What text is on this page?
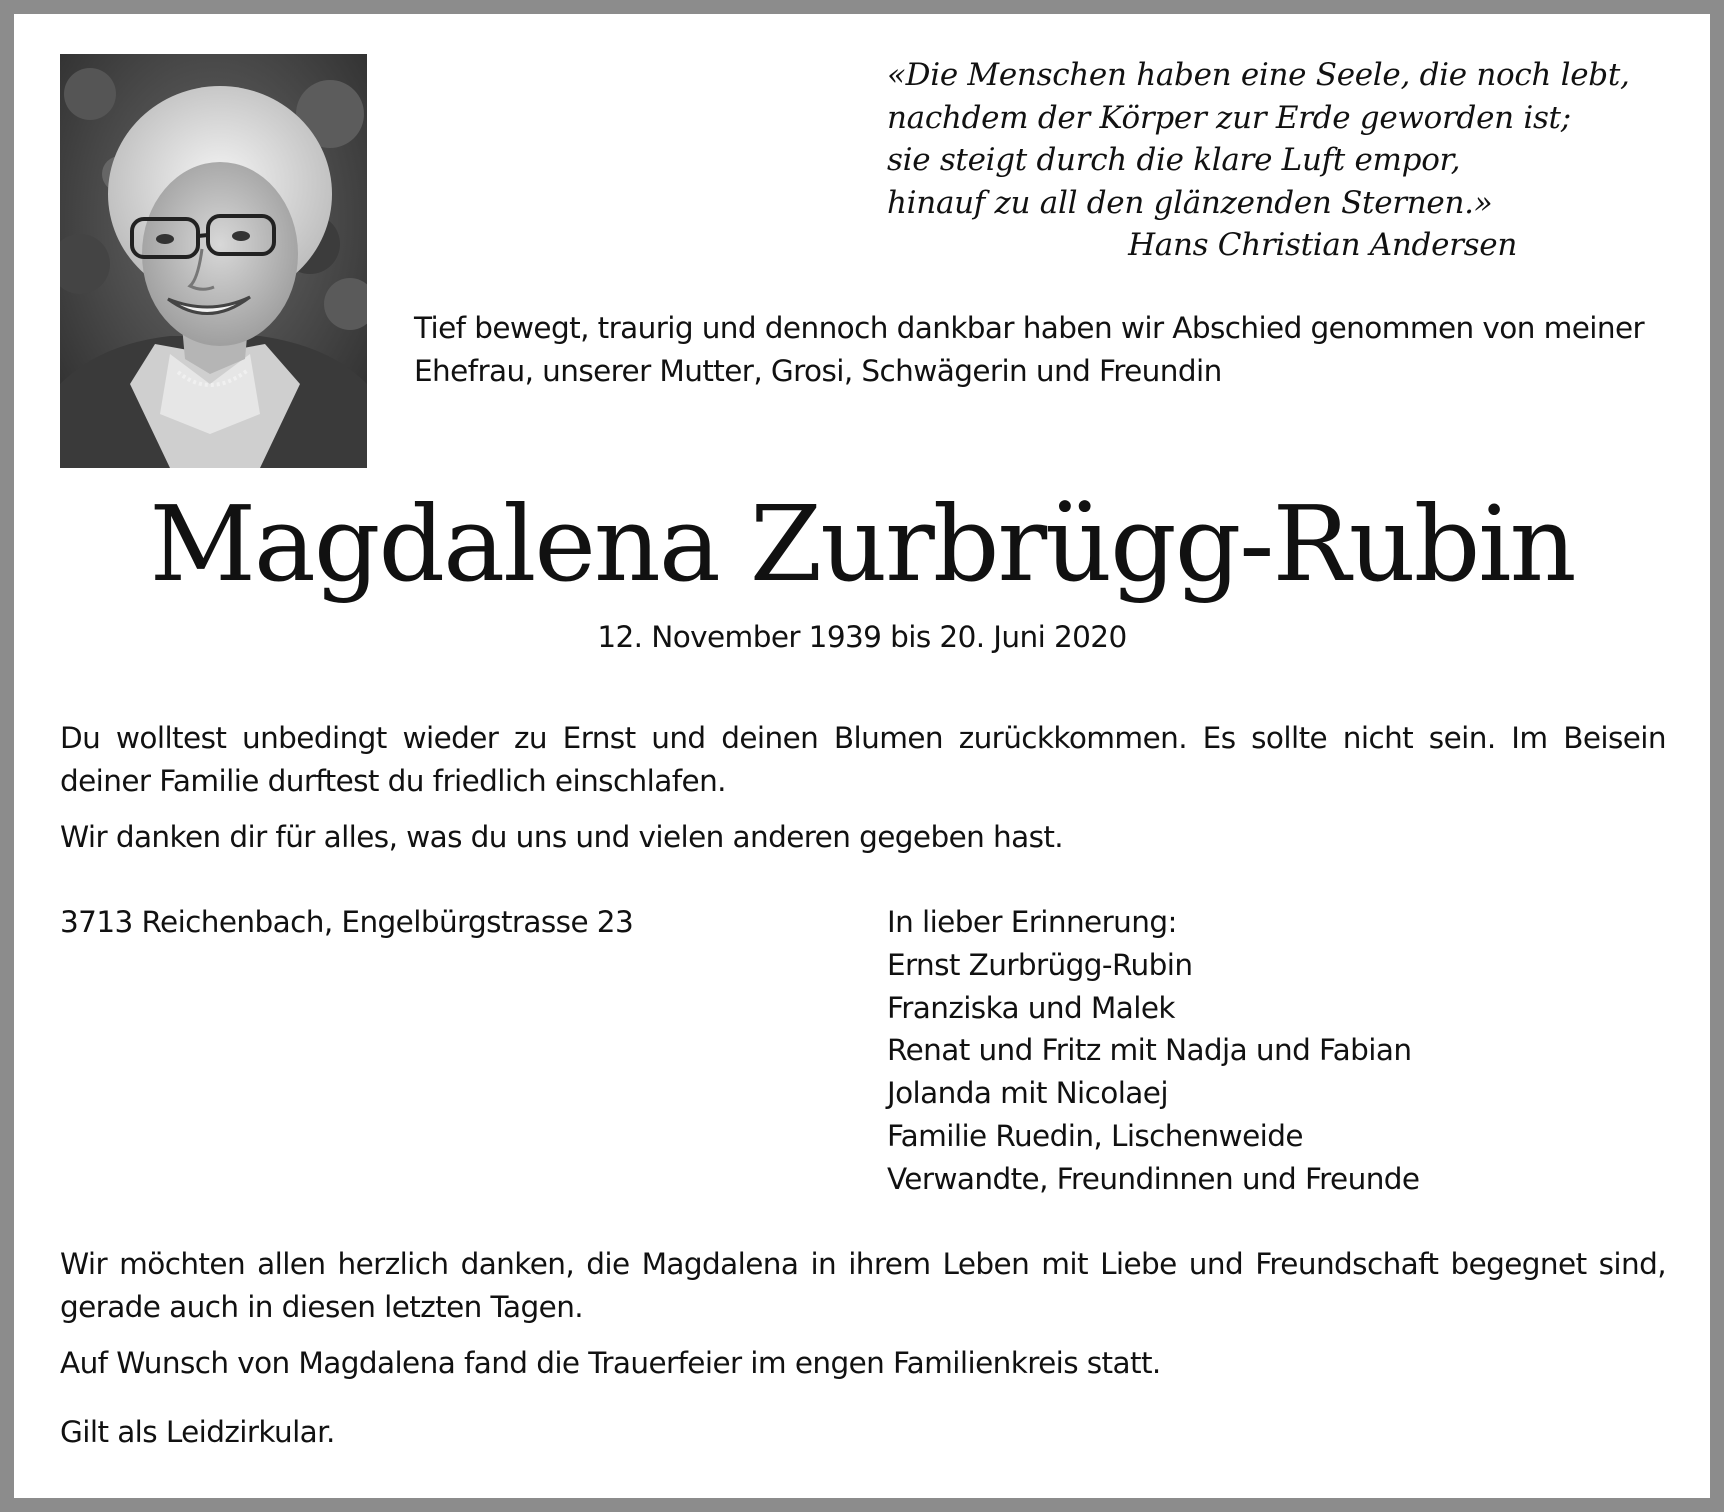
«Die Menschen haben eine Seele, die noch lebt,
nachdem der Körper zur Erde geworden ist;
sie steigt durch die klare Luft empor,
hinauf zu all den glänzenden Sternen.»
Hans Christian Andersen
Tief bewegt, traurig und dennoch dankbar haben wir Abschied genommen von meiner
Ehefrau, unserer Mutter, Grosi, Schwägerin und Freundin
Magdalena Zurbrügg-Rubin
12. November 1939 bis 20. Juni 2020
Du wolltest unbedingt wieder zu Ernst und deinen Blumen zurückkommen. Es sollte nicht sein. Im Beisein
deiner Familie durftest du friedlich einschlafen.
Wir danken dir für alles, was du uns und vielen anderen gegeben hast.
3713 Reichenbach, Engelbürgstrasse 23	In lieber Erinnerung:
Ernst Zurbrügg-Rubin
Franziska und Malek
Renat und Fritz mit Nadja und Fabian
Jolanda mit Nicolaej
Familie Ruedin, Lischenweide
Verwandte, Freundinnen und Freunde
Wir möchten allen herzlich danken, die Magdalena in ihrem Leben mit Liebe und Freundschaft begegnet sind,
gerade auch in diesen letzten Tagen.
Auf Wunsch von Magdalena fand die Trauerfeier im engen Familienkreis statt.
Gilt als Leidzirkular.
